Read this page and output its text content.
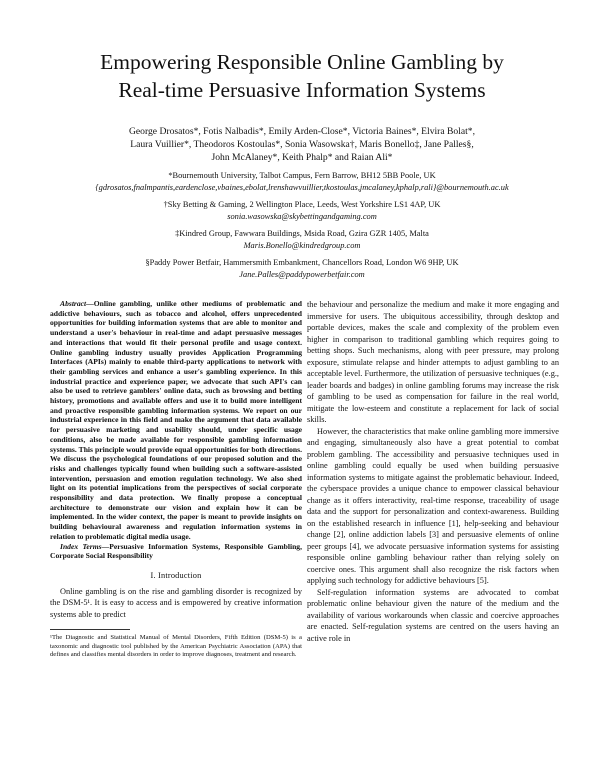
Empowering Responsible Online Gambling by
Real-time Persuasive Information Systems
George Drosatos*, Fotis Nalbadis*, Emily Arden-Close*, Victoria Baines*, Elvira Bolat*,
Laura Vuillier*, Theodoros Kostoulas*, Sonia Wasowska†, Maris Bonello‡, Jane Palles§,
John McAlaney*, Keith Phalp* and Raian Ali*
*Bournemouth University, Talbot Campus, Fern Barrow, BH12 5BB Poole, UK
{gdrosatos,fnalmpantis,eardenclose,vbaines,ebolat,lrenshawvuillier,tkostoulas,jmcalaney,kphalp,rali}@bournemouth.ac.uk
†Sky Betting & Gaming, 2 Wellington Place, Leeds, West Yorkshire LS1 4AP, UK
sonia.wasowska@skybettingandgaming.com
‡Kindred Group, Fawwara Buildings, Msida Road, Gzira GZR 1405, Malta
Maris.Bonello@kindredgroup.com
§Paddy Power Betfair, Hammersmith Embankment, Chancellors Road, London W6 9HP, UK
Jane.Palles@paddypowerbetfair.com
Abstract—Online gambling, unlike other mediums of problematic and addictive behaviours, such as tobacco and alcohol, offers unprecedented opportunities for building information systems that are able to monitor and understand a user's behaviour in real-time and adapt persuasive messages and interactions that would fit their personal profile and usage context. Online gambling industry usually provides Application Programming Interfaces (APIs) mainly to enable third-party applications to network with their gambling services and enhance a user's gambling experience. In this industrial practice and experience paper, we advocate that such API's can also be used to retrieve gamblers' online data, such as browsing and betting history, promotions and available offers and use it to build more intelligent and proactive responsible gambling information systems. We report on our industrial experience in this field and make the argument that data available for persuasive marketing and usability should, under specific usage conditions, also be made available for responsible gambling information systems. This principle would provide equal opportunities for both directions. We discuss the psychological foundations of our proposed solution and the risks and challenges typically found when building such a software-assisted intervention, persuasion and emotion regulation technology. We also shed light on its potential implications from the perspectives of social corporate responsibility and data protection. We finally propose a conceptual architecture to demonstrate our vision and explain how it can be implemented. In the wider context, the paper is meant to provide insights on building behavioural awareness and regulation information systems in relation to problematic digital media usage.
Index Terms—Persuasive Information Systems, Responsible Gambling, Corporate Social Responsibility
I. Introduction

Online gambling is on the rise and gambling disorder is recognized by the DSM-5¹. It is easy to access and is empowered by creative information systems able to predict

¹The Diagnostic and Statistical Manual of Mental Disorders, Fifth Edition (DSM-5) is a taxonomic and diagnostic tool published by the American Psychiatric Association (APA) that defines and classifies mental disorders in order to improve diagnoses, treatment and research.

the behaviour and personalize the medium and make it more engaging and immersive for users. The ubiquitous accessibility, through desktop and portable devices, makes the scale and complexity of the problem even higher in comparison to traditional gambling which requires going to betting shops. Such mechanisms, along with peer pressure, may prolong exposure, stimulate relapse and hinder attempts to adjust gambling to an acceptable level. Furthermore, the utilization of persuasive techniques (e.g., leader boards and badges) in online gambling forums may increase the risk of gambling to be used as compensation for failure in the real world, mitigate the low-esteem and constitute a replacement for lack of social skills.

However, the characteristics that make online gambling more immersive and engaging, simultaneously also have a great potential to combat problem gambling. The accessibility and persuasive techniques used in online gambling could equally be used when building persuasive information systems to mitigate against the problematic behaviour. Indeed, the cyberspace provides a unique chance to empower classical behaviour change as it offers interactivity, real-time response, traceability of usage data and the support for personalization and context-awareness. Building on the established research in influence [1], help-seeking and behaviour change [2], online addiction labels [3] and persuasive elements of online peer groups [4], we advocate persuasive information systems for assisting responsible online gambling behaviour rather than relying solely on coercive ones. This argument shall also recognize the risk factors when applying such technology for addictive behaviours [5].

Self-regulation information systems are advocated to combat problematic online behaviour given the nature of the medium and the availability of various workarounds when classic and coercive approaches are enacted. Self-regulation systems are centred on the users having an active role in
